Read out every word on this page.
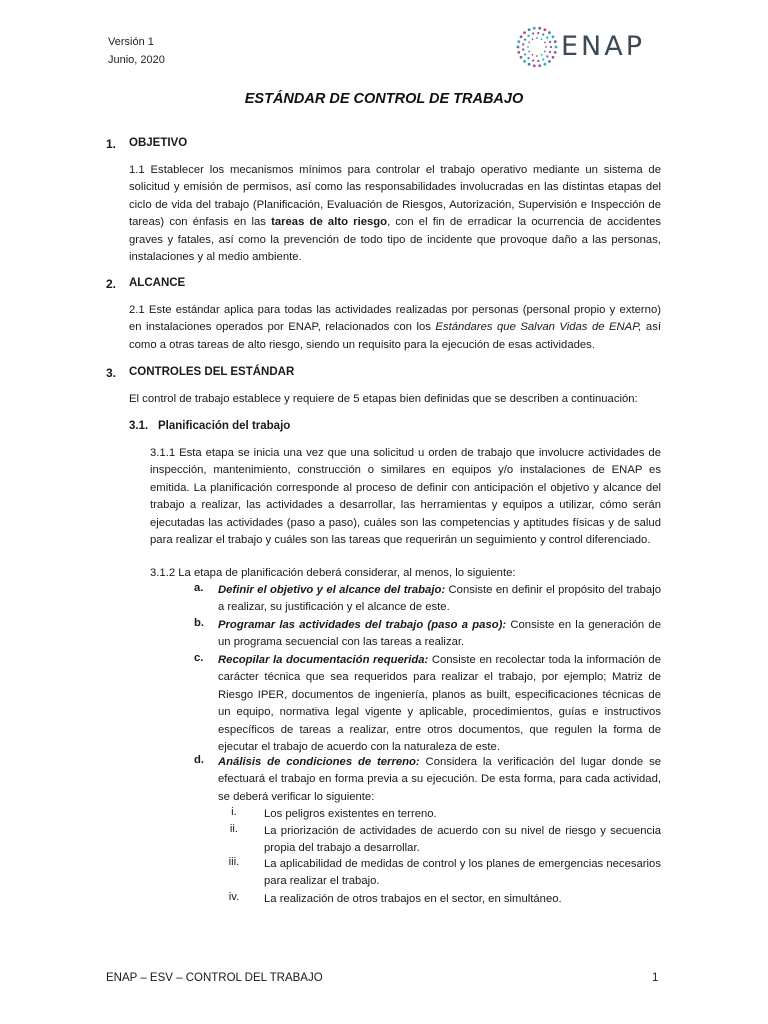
Versión 1
Junio, 2020	ENAP
ESTÁNDAR DE CONTROL DE TRABAJO
1. OBJETIVO
1.1 Establecer los mecanismos mínimos para controlar el trabajo operativo mediante un sistema de solicitud y emisión de permisos, así como las responsabilidades involucradas en las distintas etapas del ciclo de vida del trabajo (Planificación, Evaluación de Riesgos, Autorización, Supervisión e Inspección de tareas) con énfasis en las tareas de alto riesgo, con el fin de erradicar la ocurrencia de accidentes graves y fatales, así como la prevención de todo tipo de incidente que provoque daño a las personas, instalaciones y al medio ambiente.
2. ALCANCE
2.1 Este estándar aplica para todas las actividades realizadas por personas (personal propio y externo) en instalaciones operados por ENAP, relacionados con los Estándares que Salvan Vidas de ENAP, así como a otras tareas de alto riesgo, siendo un requisito para la ejecución de esas actividades.
3. CONTROLES DEL ESTÁNDAR
El control de trabajo establece y requiere de 5 etapas bien definidas que se describen a continuación:
3.1. Planificación del trabajo
3.1.1 Esta etapa se inicia una vez que una solicitud u orden de trabajo que involucre actividades de inspección, mantenimiento, construcción o similares en equipos y/o instalaciones de ENAP es emitida. La planificación corresponde al proceso de definir con anticipación el objetivo y alcance del trabajo a realizar, las actividades a desarrollar, las herramientas y equipos a utilizar, cómo serán ejecutadas las actividades (paso a paso), cuáles son las competencias y aptitudes físicas y de salud para realizar el trabajo y cuáles son las tareas que requerirán un seguimiento y control diferenciado.
3.1.2 La etapa de planificación deberá considerar, al menos, lo siguiente:
a. Definir el objetivo y el alcance del trabajo: Consiste en definir el propósito del trabajo a realizar, su justificación y el alcance de este.
b. Programar las actividades del trabajo (paso a paso): Consiste en la generación de un programa secuencial con las tareas a realizar.
c. Recopilar la documentación requerida: Consiste en recolectar toda la información de carácter técnica que sea requeridos para realizar el trabajo, por ejemplo; Matriz de Riesgo IPER, documentos de ingeniería, planos as built, especificaciones técnicas de un equipo, normativa legal vigente y aplicable, procedimientos, guías e instructivos específicos de tareas a realizar, entre otros documentos, que regulen la forma de ejecutar el trabajo de acuerdo con la naturaleza de este.
d. Análisis de condiciones de terreno: Considera la verificación del lugar donde se efectuará el trabajo en forma previa a su ejecución. De esta forma, para cada actividad, se deberá verificar lo siguiente:
i.	Los peligros existentes en terreno.
ii.	La priorización de actividades de acuerdo con su nivel de riesgo y secuencia propia del trabajo a desarrollar.
iii.	La aplicabilidad de medidas de control y los planes de emergencias necesarios para realizar el trabajo.
iv.	La realización de otros trabajos en el sector, en simultáneo.
ENAP – ESV – CONTROL DEL TRABAJO	1
